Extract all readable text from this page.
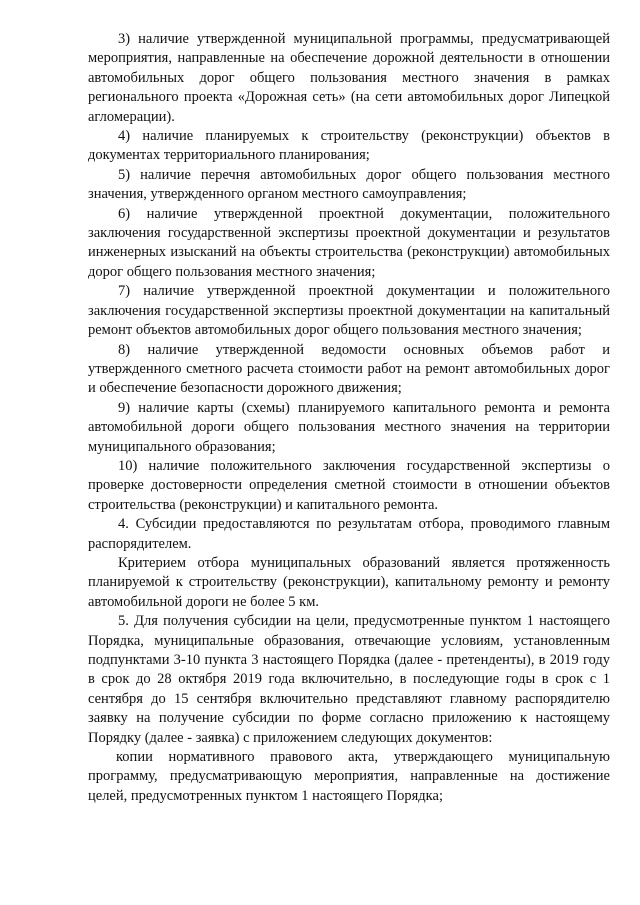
3) наличие утвержденной муниципальной программы, предусматривающей мероприятия, направленные на обеспечение дорожной деятельности в отношении автомобильных дорог общего пользования местного значения в рамках регионального проекта «Дорожная сеть» (на сети автомобильных дорог Липецкой агломерации).

4) наличие планируемых к строительству (реконструкции) объектов в документах территориального планирования;

5) наличие перечня автомобильных дорог общего пользования местного значения, утвержденного органом местного самоуправления;

6) наличие утвержденной проектной документации, положительного заключения государственной экспертизы проектной документации и результатов инженерных изысканий на объекты строительства (реконструкции) автомобильных дорог общего пользования местного значения;

7) наличие утвержденной проектной документации и положительного заключения государственной экспертизы проектной документации на капитальный ремонт объектов автомобильных дорог общего пользования местного значения;

8) наличие утвержденной ведомости основных объемов работ и утвержденного сметного расчета стоимости работ на ремонт автомобильных дорог и обеспечение безопасности дорожного движения;

9) наличие карты (схемы) планируемого капитального ремонта и ремонта автомобильной дороги общего пользования местного значения на территории муниципального образования;

10) наличие положительного заключения государственной экспертизы о проверке достоверности определения сметной стоимости в отношении объектов строительства (реконструкции) и капитального ремонта.

4. Субсидии предоставляются по результатам отбора, проводимого главным распорядителем.

Критерием отбора муниципальных образований является протяженность планируемой к строительству (реконструкции), капитальному ремонту и ремонту автомобильной дороги не более 5 км.

5. Для получения субсидии на цели, предусмотренные пунктом 1 настоящего Порядка, муниципальные образования, отвечающие условиям, установленным подпунктами 3-10 пункта 3 настоящего Порядка (далее - претенденты), в 2019 году в срок до 28 октября 2019 года включительно, в последующие годы в срок с 1 сентября до 15 сентября включительно представляют главному распорядителю заявку на получение субсидии по форме согласно приложению к настоящему Порядку (далее - заявка) с приложением следующих документов:

копии нормативного правового акта, утверждающего муниципальную программу, предусматривающую мероприятия, направленные на достижение целей, предусмотренных пунктом 1 настоящего Порядка;
